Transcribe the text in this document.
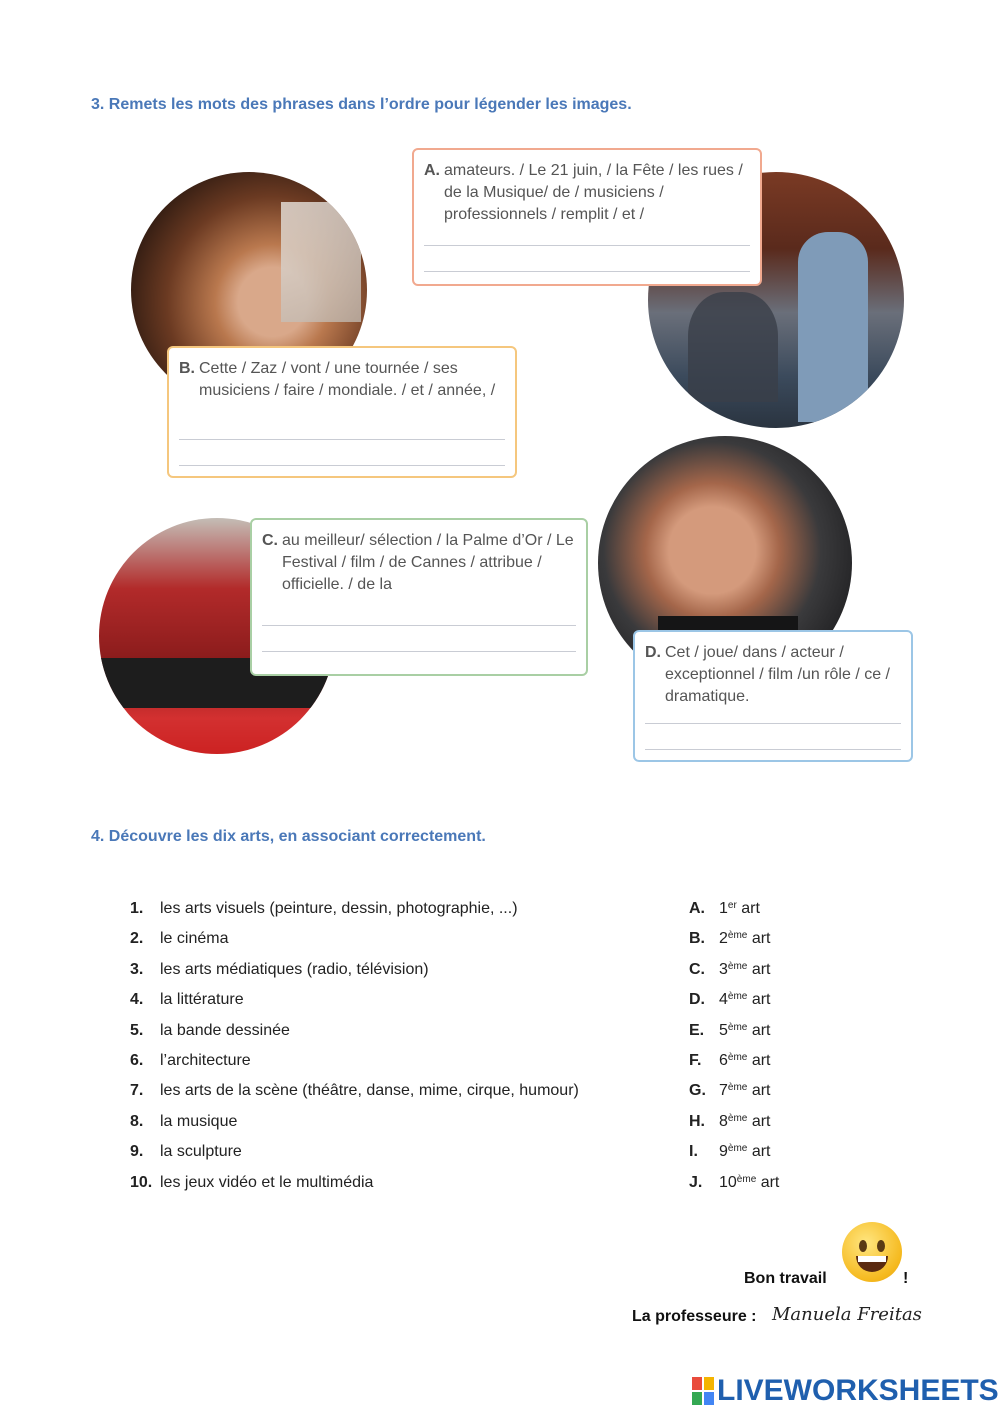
3. Remets les mots des phrases dans l’ordre pour légender les images.
A. amateurs. / Le 21 juin, / la Fête / les rues / de la Musique/ de / musiciens / professionnels / remplit / et /
B. Cette / Zaz / vont / une tournée / ses musiciens / faire / mondiale. / et / année, /
C. au meilleur/ sélection / la Palme d’Or / Le Festival / film / de Cannes / attribue / officielle. / de la
D. Cet / joue/ dans / acteur / exceptionnel / film /un rôle / ce / dramatique.
4. Découvre les dix arts, en associant correctement.
1. les arts visuels (peinture, dessin, photographie, ...)
2. le cinéma
3. les arts médiatiques (radio, télévision)
4. la littérature
5. la bande dessinée
6. l’architecture
7. les arts de la scène (théâtre, danse, mime, cirque, humour)
8. la musique
9. la sculpture
10. les jeux vidéo et le multimédia
A. 1er art
B. 2ème art
C. 3ème art
D. 4ème art
E. 5ème art
F. 6ème art
G. 7ème art
H. 8ème art
I. 9ème art
J. 10ème art
Bon travail	!
La professeure : Manuela Freitas
LIVEWORKSHEETS
